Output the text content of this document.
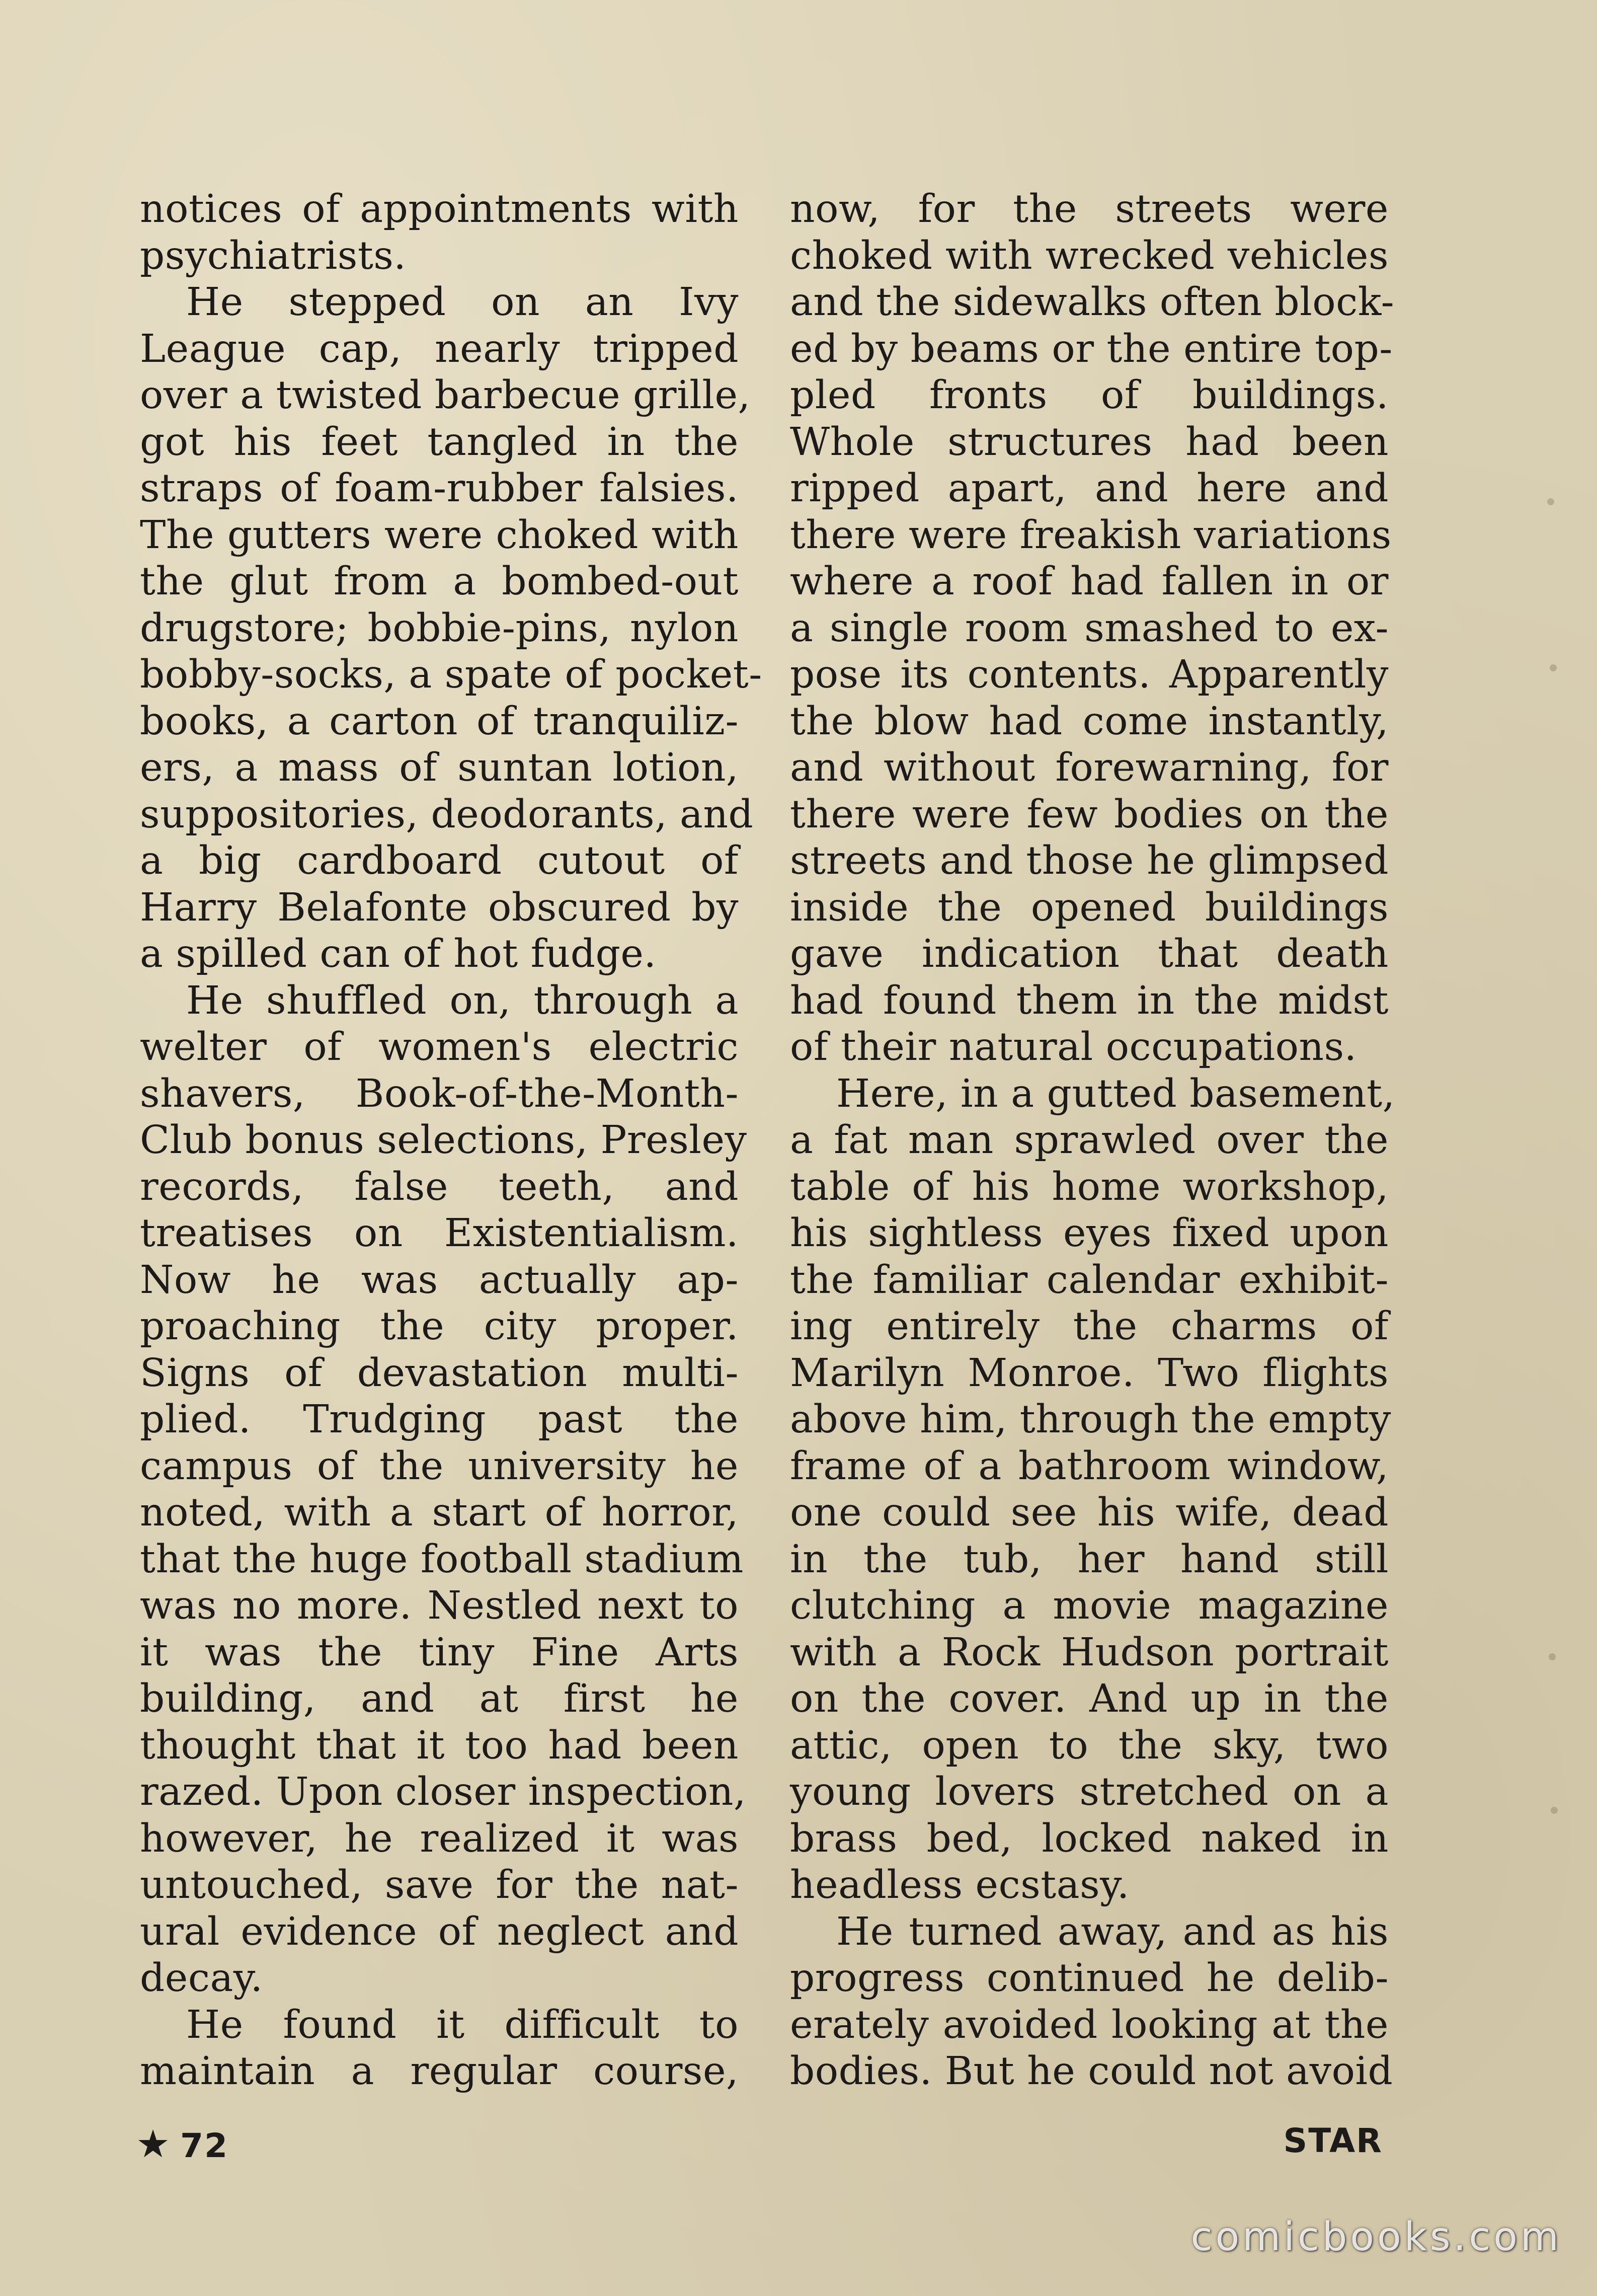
notices of appointments with
psychiatrists.
He stepped on an Ivy
League cap, nearly tripped
over a twisted barbecue grille,
got his feet tangled in the
straps of foam-rubber falsies.
The gutters were choked with
the glut from a bombed-out
drugstore; bobbie-pins, nylon
bobby-socks, a spate of pocket-
books, a carton of tranquiliz-
ers, a mass of suntan lotion,
suppositories, deodorants, and
a big cardboard cutout of
Harry Belafonte obscured by
a spilled can of hot fudge.
He shuffled on, through a
welter of women's electric
shavers, Book-of-the-Month-
Club bonus selections, Presley
records, false teeth, and
treatises on Existentialism.
Now he was actually ap-
proaching the city proper.
Signs of devastation multi-
plied. Trudging past the
campus of the university he
noted, with a start of horror,
that the huge football stadium
was no more. Nestled next to
it was the tiny Fine Arts
building, and at first he
thought that it too had been
razed. Upon closer inspection,
however, he realized it was
untouched, save for the nat-
ural evidence of neglect and
decay.
He found it difficult to
maintain a regular course,
now, for the streets were
choked with wrecked vehicles
and the sidewalks often block-
ed by beams or the entire top-
pled fronts of buildings.
Whole structures had been
ripped apart, and here and
there were freakish variations
where a roof had fallen in or
a single room smashed to ex-
pose its contents. Apparently
the blow had come instantly,
and without forewarning, for
there were few bodies on the
streets and those he glimpsed
inside the opened buildings
gave indication that death
had found them in the midst
of their natural occupations.
Here, in a gutted basement,
a fat man sprawled over the
table of his home workshop,
his sightless eyes fixed upon
the familiar calendar exhibit-
ing entirely the charms of
Marilyn Monroe. Two flights
above him, through the empty
frame of a bathroom window,
one could see his wife, dead
in the tub, her hand still
clutching a movie magazine
with a Rock Hudson portrait
on the cover. And up in the
attic, open to the sky, two
young lovers stretched on a
brass bed, locked naked in
headless ecstasy.
He turned away, and as his
progress continued he delib-
erately avoided looking at the
bodies. But he could not avoid
★ 72	STAR
comicbooks.com
